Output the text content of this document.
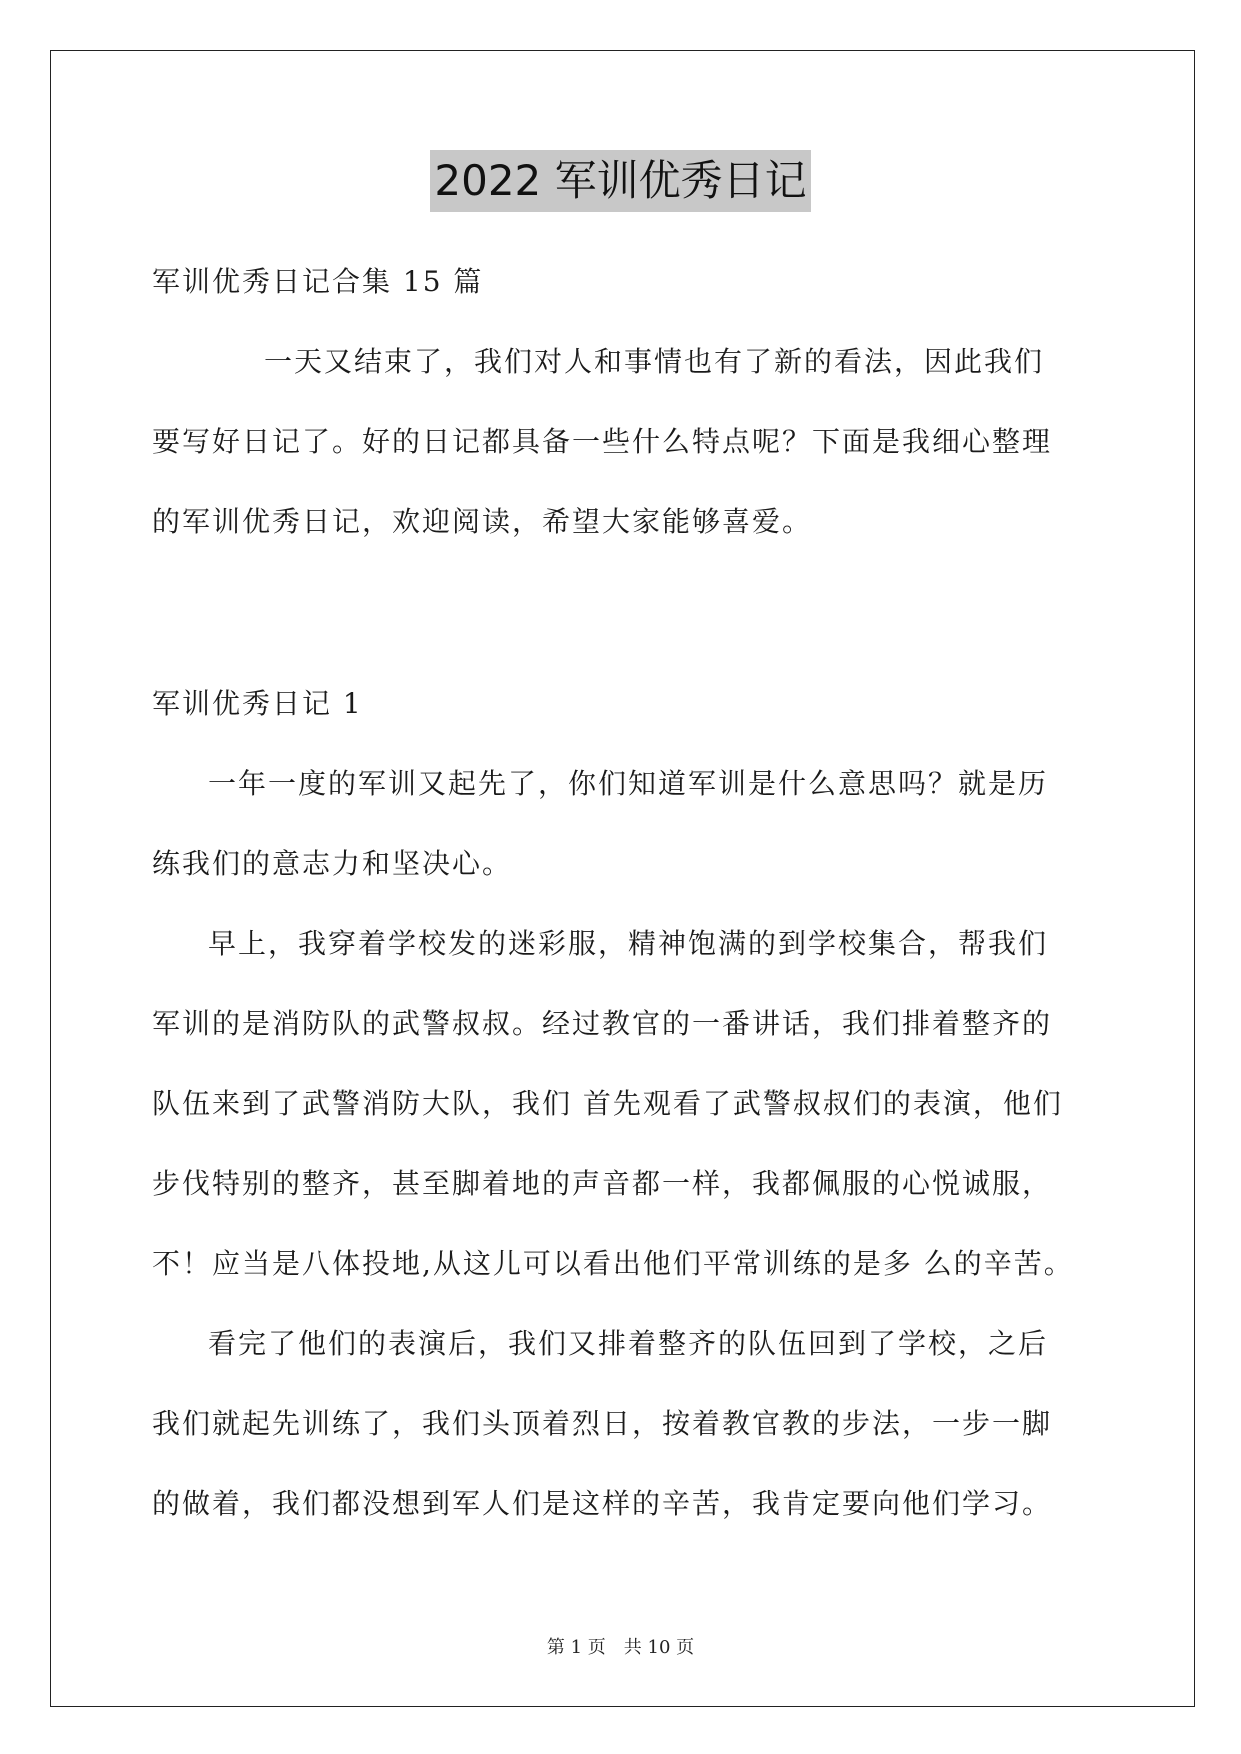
2022 军训优秀日记
军训优秀日记合集 15 篇
一天又结束了，我们对人和事情也有了新的看法，因此我们
要写好日记了。好的日记都具备一些什么特点呢？下面是我细心整理
的军训优秀日记，欢迎阅读，希望大家能够喜爱。
军训优秀日记 1
一年一度的军训又起先了，你们知道军训是什么意思吗？就是历
练我们的意志力和坚决心。
早上，我穿着学校发的迷彩服，精神饱满的到学校集合，帮我们
军训的是消防队的武警叔叔。经过教官的一番讲话，我们排着整齐的
队伍来到了武警消防大队，我们 首先观看了武警叔叔们的表演，他们
步伐特别的整齐，甚至脚着地的声音都一样，我都佩服的心悦诚服，
不！应当是八体投地,从这儿可以看出他们平常训练的是多 么的辛苦。
看完了他们的表演后，我们又排着整齐的队伍回到了学校，之后
我们就起先训练了，我们头顶着烈日，按着教官教的步法，一步一脚
的做着，我们都没想到军人们是这样的辛苦，我肯定要向他们学习。
第 1 页　共 10 页
